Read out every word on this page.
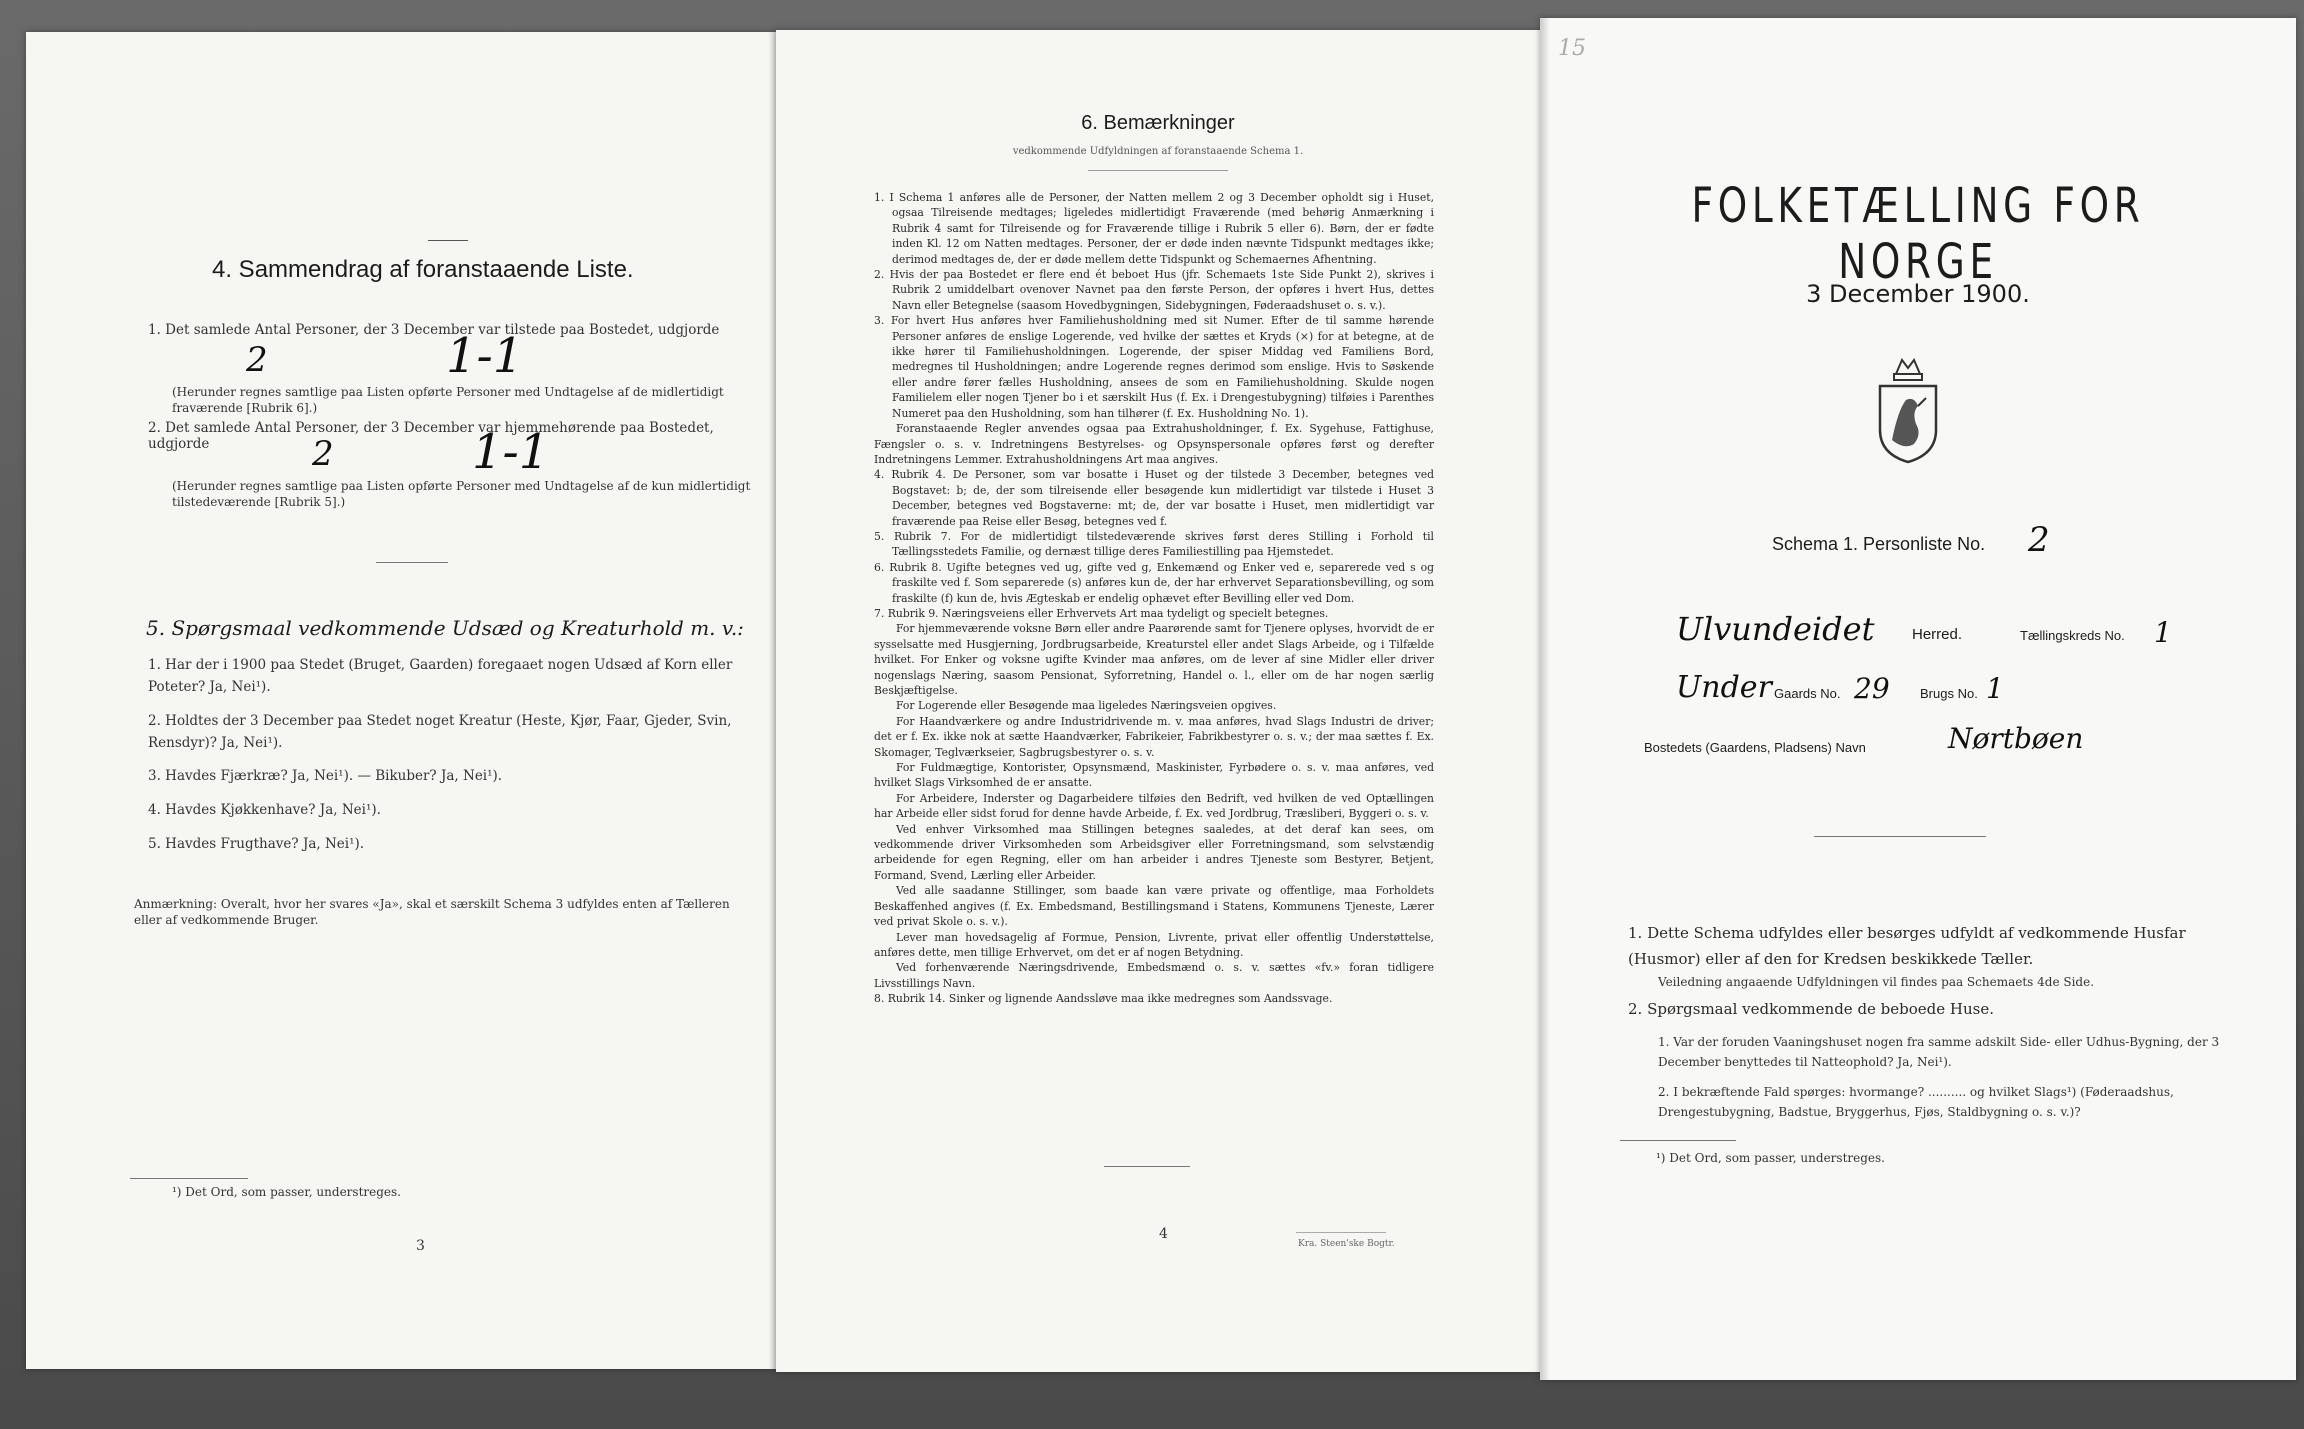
4. Sammendrag af foranstaaende Liste.
1. Det samlede Antal Personer, der 3 December var tilstede paa Bostedet, udgjorde
2	1-1
(Herunder regnes samtlige paa Listen opførte Personer med Undtagelse af de midlertidigt fraværende [Rubrik 6].)
2. Det samlede Antal Personer, der 3 December var hjemmehørende paa Bostedet, udgjorde	2	1-1
(Herunder regnes samtlige paa Listen opførte Personer med Undtagelse af de kun midlertidigt tilstedeværende [Rubrik 5].)
5. Spørgsmaal vedkommende Udsæd og Kreaturhold m. v.:
1. Har der i 1900 paa Stedet (Bruget, Gaarden) foregaaet nogen Udsæd af Korn eller Poteter? Ja, Nei¹).
2. Holdtes der 3 December paa Stedet noget Kreatur (Heste, Kjør, Faar, Gjeder, Svin, Rensdyr)? Ja, Nei¹).
3. Havdes Fjærkræ? Ja, Nei¹). — Bikuber? Ja, Nei¹).
4. Havdes Kjøkkenhave? Ja, Nei¹).
5. Havdes Frugthave? Ja, Nei¹).
Anmærkning: Overalt, hvor her svares «Ja», skal et særskilt Schema 3 udfyldes enten af Tælleren eller af vedkommende Bruger.
¹) Det Ord, som passer, understreges.
3
6. Bemærkninger
vedkommende Udfyldningen af foranstaaende Schema 1.

1. I Schema 1 anføres alle de Personer, der Natten mellem 2 og 3 December opholdt sig i Huset, ogsaa Tilreisende medtages; ligeledes midlertidigt Fraværende (med behørig Anmærkning i Rubrik 4 samt for Tilreisende og for Fraværende tillige i Rubrik 5 eller 6). Børn, der er fødte inden Kl. 12 om Natten medtages. Personer, der er døde inden nævnte Tidspunkt medtages ikke; derimod medtages de, der er døde mellem dette Tidspunkt og Schemaernes Afhentning.

2. Hvis der paa Bostedet er flere end ét beboet Hus (jfr. Schemaets 1ste Side Punkt 2), skrives i Rubrik 2 umiddelbart ovenover Navnet paa den første Person, der opføres i hvert Hus, dettes Navn eller Betegnelse (saasom Hovedbygningen, Sidebygningen, Føderaadshuset o. s. v.).

3. For hvert Hus anføres hver Familiehusholdning med sit Numer. Efter de til samme hørende Personer anføres de enslige Logerende, ved hvilke der sættes et Kryds (×) for at betegne, at de ikke hører til Familiehusholdningen. Logerende, der spiser Middag ved Familiens Bord, medregnes til Husholdningen; andre Logerende regnes derimod som enslige. Hvis to Søskende eller andre fører fælles Husholdning, ansees de som en Familiehusholdning. Skulde nogen Familielem eller nogen Tjener bo i et særskilt Hus (f. Ex. i Drengestubygning) tilføies i Parenthes Numeret paa den Husholdning, som han tilhører (f. Ex. Husholdning No. 1).

Foranstaaende Regler anvendes ogsaa paa Extrahusholdninger, f. Ex. Sygehuse, Fattighuse, Fængsler o. s. v. Indretningens Bestyrelses- og Opsynspersonale opføres først og derefter Indretningens Lemmer. Extrahusholdningens Art maa angives.

4. Rubrik 4. De Personer, som var bosatte i Huset og der tilstede 3 December, betegnes ved Bogstavet: b; de, der som tilreisende eller besøgende kun midlertidigt var tilstede i Huset 3 December, betegnes ved Bogstaverne: mt; de, der var bosatte i Huset, men midlertidigt var fraværende paa Reise eller Besøg, betegnes ved f.

5. Rubrik 7. For de midlertidigt tilstedeværende skrives først deres Stilling i Forhold til Tællingsstedets Familie, og dernæst tillige deres Familiestilling paa Hjemstedet.

6. Rubrik 8. Ugifte betegnes ved ug, gifte ved g, Enkemænd og Enker ved e, separerede ved s og fraskilte ved f. Som separerede (s) anføres kun de, der har erhvervet Separationsbevilling, og som fraskilte (f) kun de, hvis Ægteskab er endelig ophævet efter Bevilling eller ved Dom.

7. Rubrik 9. Næringsveiens eller Erhvervets Art maa tydeligt og specielt betegnes.

For hjemmeværende voksne Børn eller andre Paarørende samt for Tjenere oplyses, hvorvidt de er sysselsatte med Husgjerning, Jordbrugsarbeide, Kreaturstel eller andet Slags Arbeide, og i Tilfælde hvilket. For Enker og voksne ugifte Kvinder maa anføres, om de lever af sine Midler eller driver nogenslags Næring, saasom Pensionat, Syforretning, Handel o. l., eller om de har nogen særlig Beskjæftigelse.

For Logerende eller Besøgende maa ligeledes Næringsveien opgives.

For Haandværkere og andre Industridrivende m. v. maa anføres, hvad Slags Industri de driver; det er f. Ex. ikke nok at sætte Haandværker, Fabrikeier, Fabrikbestyrer o. s. v.; der maa sættes f. Ex. Skomager, Teglværkseier, Sagbrugsbestyrer o. s. v.

For Fuldmægtige, Kontorister, Opsynsmænd, Maskinister, Fyrbødere o. s. v. maa anføres, ved hvilket Slags Virksomhed de er ansatte.

For Arbeidere, Inderster og Dagarbeidere tilføies den Bedrift, ved hvilken de ved Optællingen har Arbeide eller sidst forud for denne havde Arbeide, f. Ex. ved Jordbrug, Træsliberi, Byggeri o. s. v.

Ved enhver Virksomhed maa Stillingen betegnes saaledes, at det deraf kan sees, om vedkommende driver Virksomheden som Arbeidsgiver eller Forretningsmand, som selvstændig arbeidende for egen Regning, eller om han arbeider i andres Tjeneste som Bestyrer, Betjent, Formand, Svend, Lærling eller Arbeider.

Ved alle saadanne Stillinger, som baade kan være private og offentlige, maa Forholdets Beskaffenhed angives (f. Ex. Embedsmand, Bestillingsmand i Statens, Kommunens Tjeneste, Lærer ved privat Skole o. s. v.).

Lever man hovedsagelig af Formue, Pension, Livrente, privat eller offentlig Understøttelse, anføres dette, men tillige Erhvervet, om det er af nogen Betydning.

Ved forhenværende Næringsdrivende, Embedsmænd o. s. v. sættes «fv.» foran tidligere Livsstillings Navn.

8. Rubrik 14. Sinker og lignende Aandssløve maa ikke medregnes som Aandssvage.

4
Kra. Steen'ske Bogtr.
15
FOLKETÆLLING FOR NORGE
3 December 1900.
Schema 1. Personliste No. 2
Ulvundeidet	Herred.	Tællingskreds No. 1
Under Gaards No. 29 Brugs No. 1
Bostedets (Gaardens, Pladsens) Navn	Nørtbøen
1. Dette Schema udfyldes eller besørges udfyldt af vedkommende Husfar (Husmor) eller af den for Kredsen beskikkede Tæller.
Veiledning angaaende Udfyldningen vil findes paa Schemaets 4de Side.
2. Spørgsmaal vedkommende de beboede Huse.
1. Var der foruden Vaaningshuset nogen fra samme adskilt Side- eller Udhus-Bygning, der 3 December benyttedes til Natteophold? Ja, Nei¹).
2. I bekræftende Fald spørges: hvormange? .......... og hvilket Slags¹) (Føderaadshus, Drengestubygning, Badstue, Bryggerhus, Fjøs, Staldbygning o. s. v.)?
¹) Det Ord, som passer, understreges.
